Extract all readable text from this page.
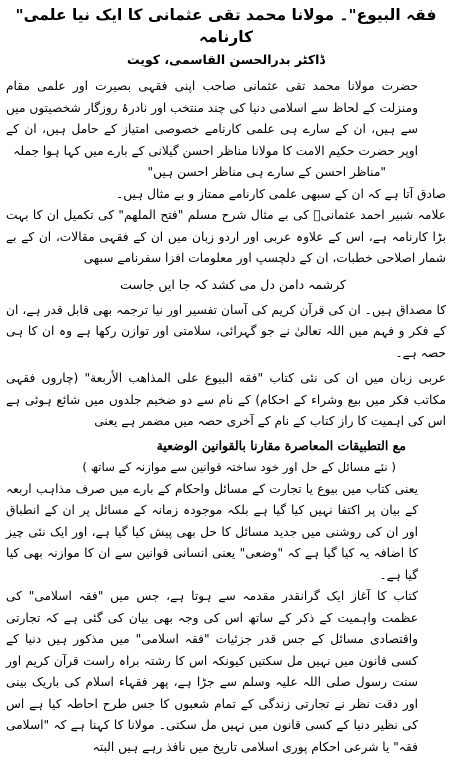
"فقہ البیوع"۔ مولانا محمد تقی عثمانی کا ایک نیا علمی کارنامہ
ڈاکٹر بدرالحسن القاسمی، کویت

حضرت مولانا محمد تقی عثمانی صاحب اپنی فقہی بصیرت اور علمی مقام ومنزلت کے لحاظ سے اسلامی دنیا کی چند منتخب اور نادرۂ روزگار شخصیتوں میں سے ہیں، ان کے سارے ہی علمی کارنامے خصوصی امتیاز کے حامل ہیں، ان کے اوپر حضرت حکیم الامت کا مولانا مناظر احسن گیلانی کے بارے میں کہا ہوا جملہ

"مناظر احسن کے سارے ہی مناظر احسن ہیں"

صادق آتا ہے کہ ان کے سبھی علمی کارنامے ممتاز و بے مثال ہیں۔

علامہ شبیر احمد عثمانیؒ کی بے مثال شرح مسلم "فتح الملهم" کی تکمیل ان کا بہت بڑا کارنامہ ہے، اس کے علاوہ عربی اور اردو زبان میں ان کے فقہی مقالات، ان کے بے شمار اصلاحی خطبات، ان کے دلچسپ اور معلومات افزا سفرنامے سبھی

کرشمہ دامن دل می کشد کہ جا ایں جاست

کا مصداق ہیں۔ ان کی قرآن کریم کی آسان تفسیر اور نیا ترجمہ بھی قابل قدر ہے، ان کے فکر و فہم میں اللہ تعالیٰ نے جو گہرائی، سلامتی اور توازن رکھا ہے وہ ان کا ہی حصہ ہے۔

عربی زبان میں ان کی نئی کتاب "فقه البيوع على المذاهب الأربعة" (چاروں فقہی مکاتب فکر میں بیع وشراء کے احکام) کے نام سے دو ضخیم جلدوں میں شائع ہوئی ہے اس کی اہمیت کا راز کتاب کے نام کے آخری حصہ میں مضمر ہے یعنی

مع التطبيقات المعاصرة مقارنا بالقوانين الوضعية

( نئے مسائل کے حل اور خود ساختہ قوانین سے موازنہ کے ساتھ )

یعنی کتاب میں بیوع یا تجارت کے مسائل واحکام کے بارے میں صرف مذاہب اربعہ کے بیان پر اکتفا نہیں کیا گیا ہے بلکہ موجودہ زمانہ کے مسائل پر ان کے انطباق اور ان کی روشنی میں جدید مسائل کا حل بھی پیش کیا گیا ہے، اور ایک نئی چیز کا اضافہ یہ کیا گیا ہے کہ "وضعی" یعنی انسانی قوانین سے ان کا موازنہ بھی کیا گیا ہے۔

کتاب کا آغاز ایک گرانقدر مقدمہ سے ہوتا ہے، جس میں "فقہ اسلامی" کی عظمت واہمیت کے ذکر کے ساتھ اس کی وجہ بھی بیان کی گئی ہے کہ تجارتی واقتصادی مسائل کے جس قدر جزئیات "فقہ اسلامی" میں مذکور ہیں دنیا کے کسی قانون میں نہیں مل سکتیں کیونکہ اس کا رشتہ براہ راست قرآن کریم اور سنت رسول صلی اللہ علیہ وسلم سے جڑا ہے، پھر فقہاء اسلام کی باریک بینی اور دقت نظر نے تجارتی زندگی کے تمام شعبوں کا جس طرح احاطہ کیا ہے اس کی نظیر دنیا کے کسی قانون میں نہیں مل سکتی۔ مولانا کا کہنا ہے کہ "اسلامی فقہ" یا شرعی احکام پوری اسلامی تاریخ میں نافذ رہے ہیں البتہ
